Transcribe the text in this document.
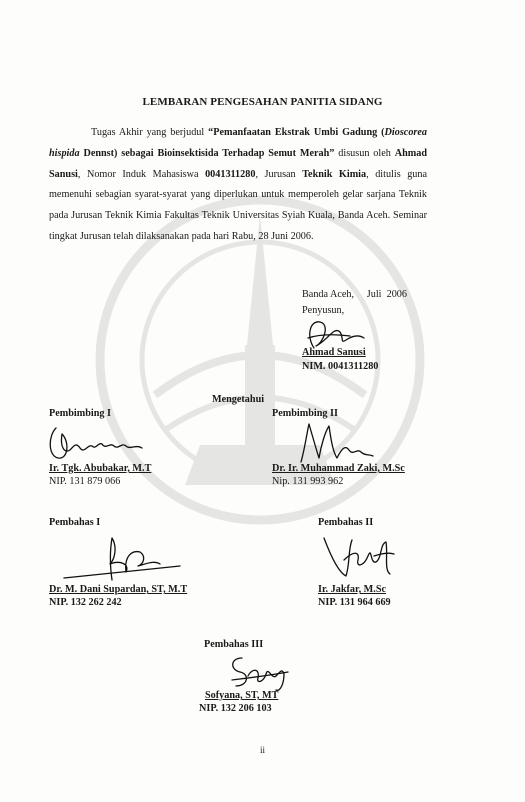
LEMBARAN PENGESAHAN PANITIA SIDANG
Tugas Akhir yang berjudul “Pemanfaatan Ekstrak Umbi Gadung (Dioscorea hispida Dennst) sebagai Bioinsektisida Terhadap Semut Merah” disusun oleh Ahmad Sanusi, Nomor Induk Mahasiswa 0041311280, Jurusan Teknik Kimia, ditulis guna memenuhi sebagian syarat-syarat yang diperlukan untuk memperoleh gelar sarjana Teknik pada Jurusan Teknik Kimia Fakultas Teknik Universitas Syiah Kuala, Banda Aceh. Seminar tingkat Jurusan telah dilaksanakan pada hari Rabu, 28 Juni 2006.
Banda Aceh,     Juli  2006
Penyusun,
Ahmad Sanusi
NIM. 0041311280
Mengetahui
Pembimbing I
Ir. Tgk. Abubakar, M.T
NIP. 131 879 066
Pembimbing II
Dr. Ir. Muhammad Zaki, M.Sc
Nip. 131 993 962
Pembahas I
Dr. M. Dani Supardan, ST, M.T
NIP. 132 262 242
Pembahas II
Ir. Jakfar, M.Sc
NIP. 131 964 669
Pembahas III
Sofyana, ST, MT
NIP. 132 206 103
ii
